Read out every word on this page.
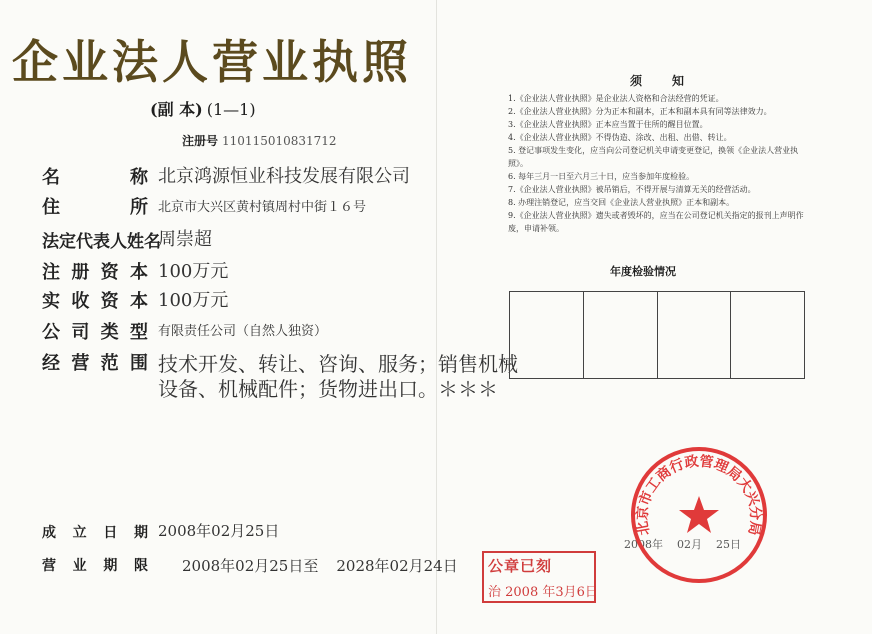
企业法人营业执照
(副 本) (1—1)
注册号 110115010831712
名	称
住	所
法 定 代 表 人 姓 名
注 册 资 本
实 收 资 本
公 司 类 型
经 营 范 围
北京鸿源恒业科技发展有限公司
北京市大兴区黄村镇周村中街１６号
周崇超
100万元
100万元
有限责任公司（自然人独资）
技术开发、转让、咨询、服务；销售机械设备、机械配件；货物进出口。＊＊＊
成 立 日 期 2008年02月25日
营 业 期 限 2008年02月25日至 2028年02月24日
须知
1.《企业法人营业执照》是企业法人资格和合法经营的凭证。
2.《企业法人营业执照》分为正本和副本，正本和副本具有同等法律效力。
3.《企业法人营业执照》正本应当置于住所的醒目位置。
4.《企业法人营业执照》不得伪造、涂改、出租、出借、转让。
5. 登记事项发生变化，应当向公司登记机关申请变更登记，换领《企业法人营业执照》。
6. 每年三月一日至六月三十日，应当参加年度检验。
7.《企业法人营业执照》被吊销后，不得开展与清算无关的经营活动。
8. 办理注销登记，应当交回《企业法人营业执照》正本和副本。
9.《企业法人营业执照》遗失或者毁坏的，应当在公司登记机关指定的报刊上声明作废，申请补领。
年度检验情况
2008年 02月 25日
北京市工商行政管理局大兴分局
公章已刻
治 2008 年3月6日
